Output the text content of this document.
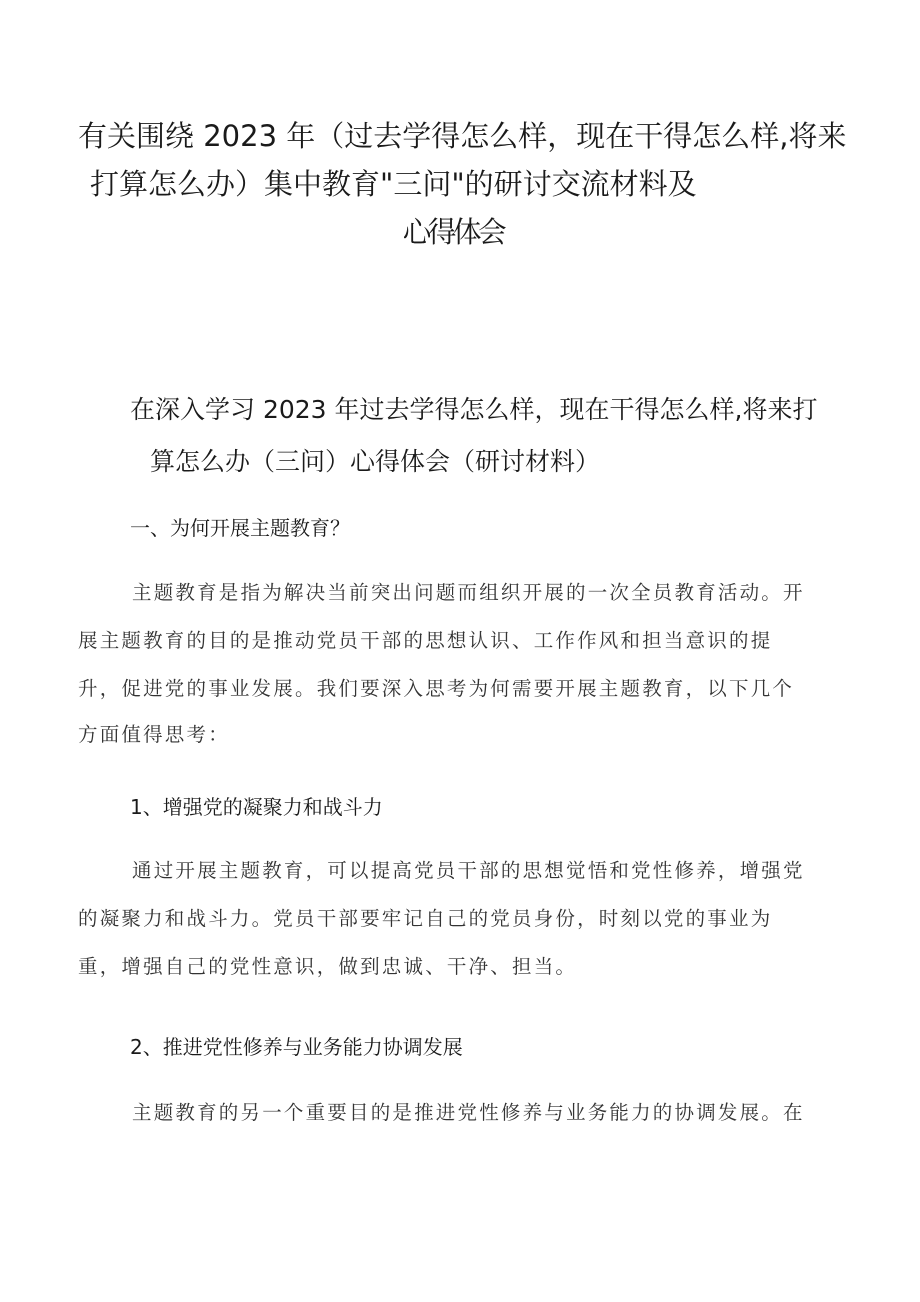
有关围绕 2023 年（过去学得怎么样，现在干得怎么样,将来
打算怎么办）集中教育"三问"的研讨交流材料及
心得体会
在深入学习 2023 年过去学得怎么样，现在干得怎么样,将来打
算怎么办（三问）心得体会（研讨材料）
一、为何开展主题教育？

主题教育是指为解决当前突出问题而组织开展的一次全员教育活动。开

展主题教育的目的是推动党员干部的思想认识、工作作风和担当意识的提

升，促进党的事业发展。我们要深入思考为何需要开展主题教育，以下几个

方面值得思考：

1、增强党的凝聚力和战斗力

通过开展主题教育，可以提高党员干部的思想觉悟和党性修养，增强党

的凝聚力和战斗力。党员干部要牢记自己的党员身份，时刻以党的事业为

重，增强自己的党性意识，做到忠诚、干净、担当。

2、推进党性修养与业务能力协调发展

主题教育的另一个重要目的是推进党性修养与业务能力的协调发展。在
